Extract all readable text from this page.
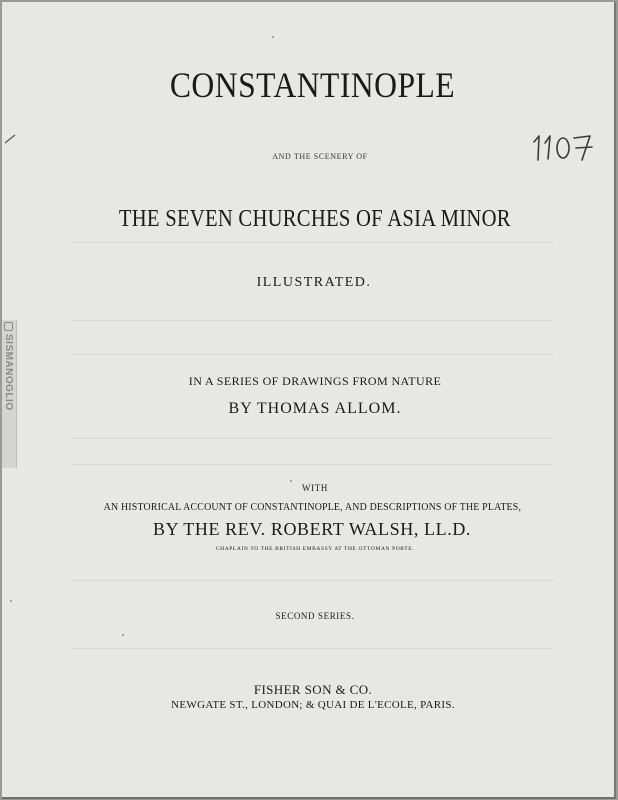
CONSTANTINOPLE
AND THE SCENERY OF
THE SEVEN CHURCHES OF ASIA MINOR
ILLUSTRATED.
IN A SERIES OF DRAWINGS FROM NATURE
BY THOMAS ALLOM.
WITH
AN HISTORICAL ACCOUNT OF CONSTANTINOPLE, AND DESCRIPTIONS OF THE PLATES,
BY THE REV. ROBERT WALSH, LL.D.
CHAPLAIN TO THE BRITISH EMBASSY AT THE OTTOMAN PORTE.
SECOND SERIES.
FISHER SON & CO.
NEWGATE ST., LONDON; & QUAI DE L'ECOLE, PARIS.
SISMANOGLIO
